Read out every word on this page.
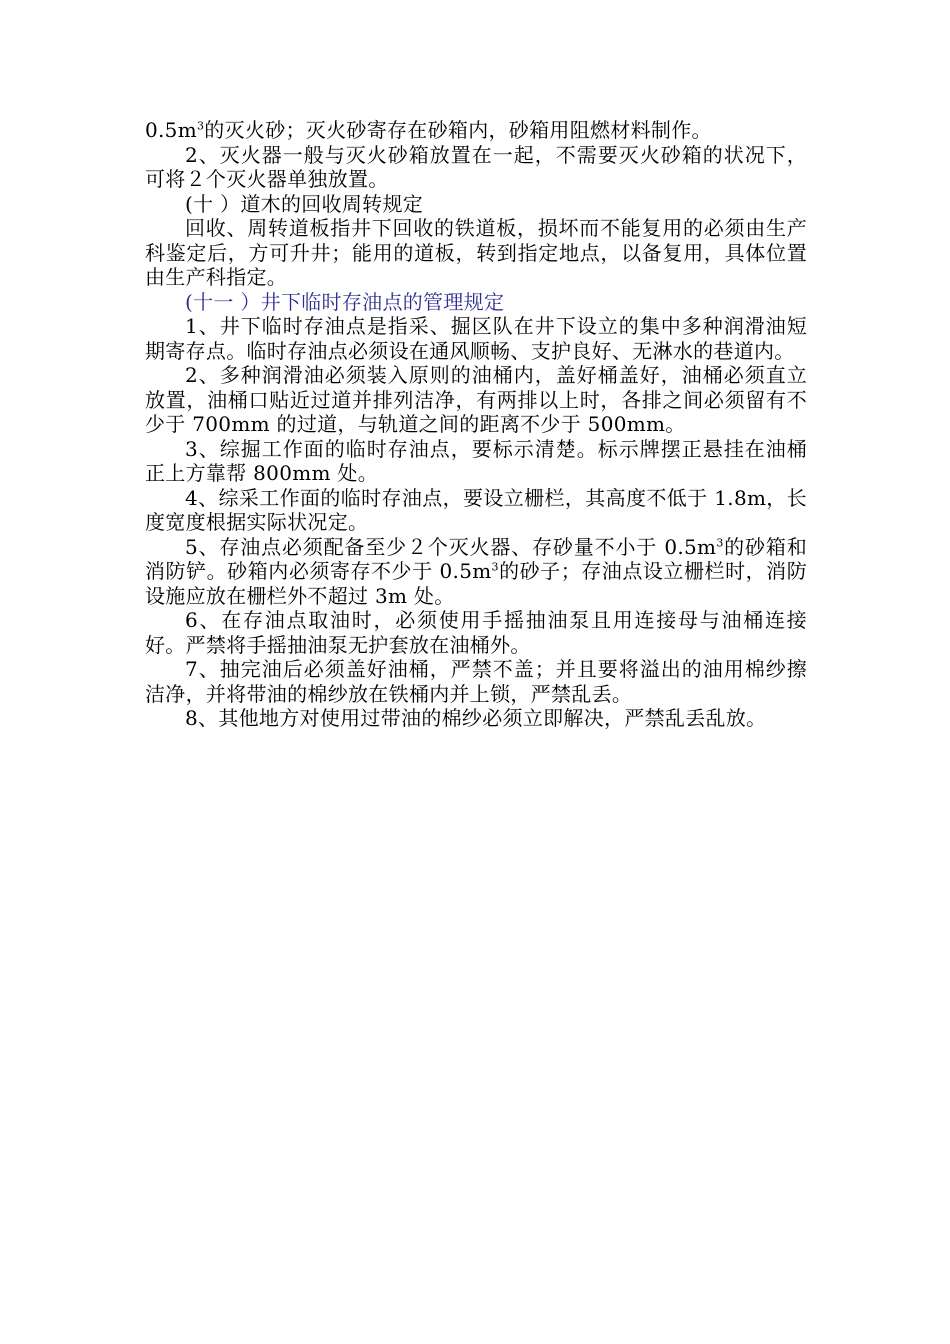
$0.5m^3$的灭火砂；灭火砂寄存在砂箱内，砂箱用阻燃材料制作。

2、灭火器一般与灭火砂箱放置在一起，不需要灭火砂箱的状况下，可将２个灭火器单独放置。

(十 ）道木的回收周转规定

回收、周转道板指井下回收的铁道板，损坏而不能复用的必须由生产科鉴定后，方可升井；能用的道板，转到指定地点，以备复用，具体位置由生产科指定。

(十一 ）井下临时存油点的管理规定

1、井下临时存油点是指采、掘区队在井下设立的集中多种润滑油短期寄存点。临时存油点必须设在通风顺畅、支护良好、无淋水的巷道内。

2、多种润滑油必须装入原则的油桶内，盖好桶盖好，油桶必须直立放置，油桶口贴近过道并排列洁净，有两排以上时，各排之间必须留有不少于 700mm 的过道，与轨道之间的距离不少于 500mm。

3、综掘工作面的临时存油点，要标示清楚。标示牌摆正悬挂在油桶正上方靠帮 800mm 处。

4、综采工作面的临时存油点，要设立栅栏，其高度不低于 1.8m，长度宽度根据实际状况定。

5、存油点必须配备至少２个灭火器、存砂量不小于 $0.5m^3$的砂箱和消防铲。砂箱内必须寄存不少于 $0.5m^3$的砂子；存油点设立栅栏时，消防设施应放在栅栏外不超过 3m 处。

6、在存油点取油时，必须使用手摇抽油泵且用连接母与油桶连接好。严禁将手摇抽油泵无护套放在油桶外。

7、抽完油后必须盖好油桶，严禁不盖；并且要将溢出的油用棉纱擦洁净，并将带油的棉纱放在铁桶内并上锁，严禁乱丢。

8、其他地方对使用过带油的棉纱必须立即解决，严禁乱丢乱放。
